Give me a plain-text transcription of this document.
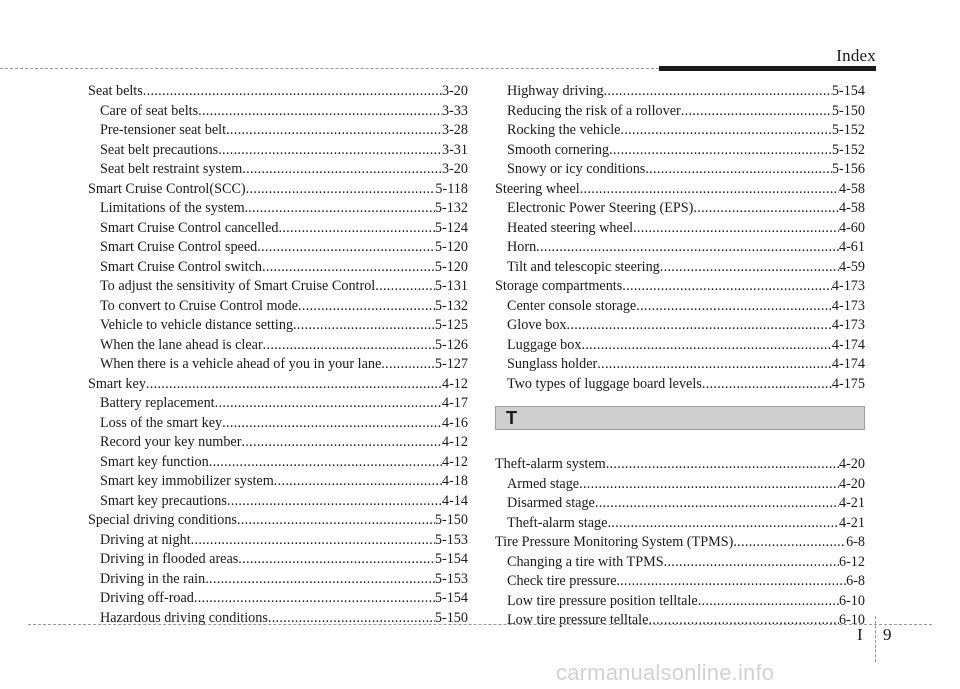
Index
Seat belts .....	3-20
Care of seat belts .....	3-33
Pre-tensioner seat belt .....	3-28
Seat belt precautions .....	3-31
Seat belt restraint system .....	3-20
Smart Cruise Control(SCC) .....	5-118
Limitations of the system. .....	5-132
Smart Cruise Control cancelled .....	5-124
Smart Cruise Control speed .....	5-120
Smart Cruise Control switch .....	5-120
To adjust the sensitivity of Smart Cruise Control .....	5-131
To convert to Cruise Control mode .....	5-132
Vehicle to vehicle distance setting .....	5-125
When the lane ahead is clear .....	5-126
When there is a vehicle ahead of you in your lane .....	5-127
Smart key .....	4-12
Battery replacement .....	4-17
Loss of the smart key .....	4-16
Record your key number .....	4-12
Smart key function .....	4-12
Smart key immobilizer system .....	4-18
Smart key precautions .....	4-14
Special driving conditions .....	5-150
Driving at night .....	5-153
Driving in flooded areas .....	5-154
Driving in the rain .....	5-153
Driving off-road .....	5-154
Hazardous driving conditions .....	5-150
Highway driving .....	5-154
Reducing the risk of a rollover .....	5-150
Rocking the vehicle .....	5-152
Smooth cornering .....	5-152
Snowy or icy conditions .....	5-156
Steering wheel .....	4-58
Electronic Power Steering (EPS) .....	4-58
Heated steering wheel .....	4-60
Horn .....	4-61
Tilt and telescopic steering .....	4-59
Storage compartments .....	4-173
Center console storage .....	4-173
Glove box .....	4-173
Luggage box .....	4-174
Sunglass holder .....	4-174
Two types of luggage board levels .....	4-175
T
Theft-alarm system .....	4-20
Armed stage .....	4-20
Disarmed stage .....	4-21
Theft-alarm stage .....	4-21
Tire Pressure Monitoring System (TPMS) .....	6-8
Changing a tire with TPMS .....	6-12
Check tire pressure. .....	6-8
Low tire pressure position telltale .....	6-10
Low tire pressure telltale .....	6-10
I 9
carmanualsonline.info
